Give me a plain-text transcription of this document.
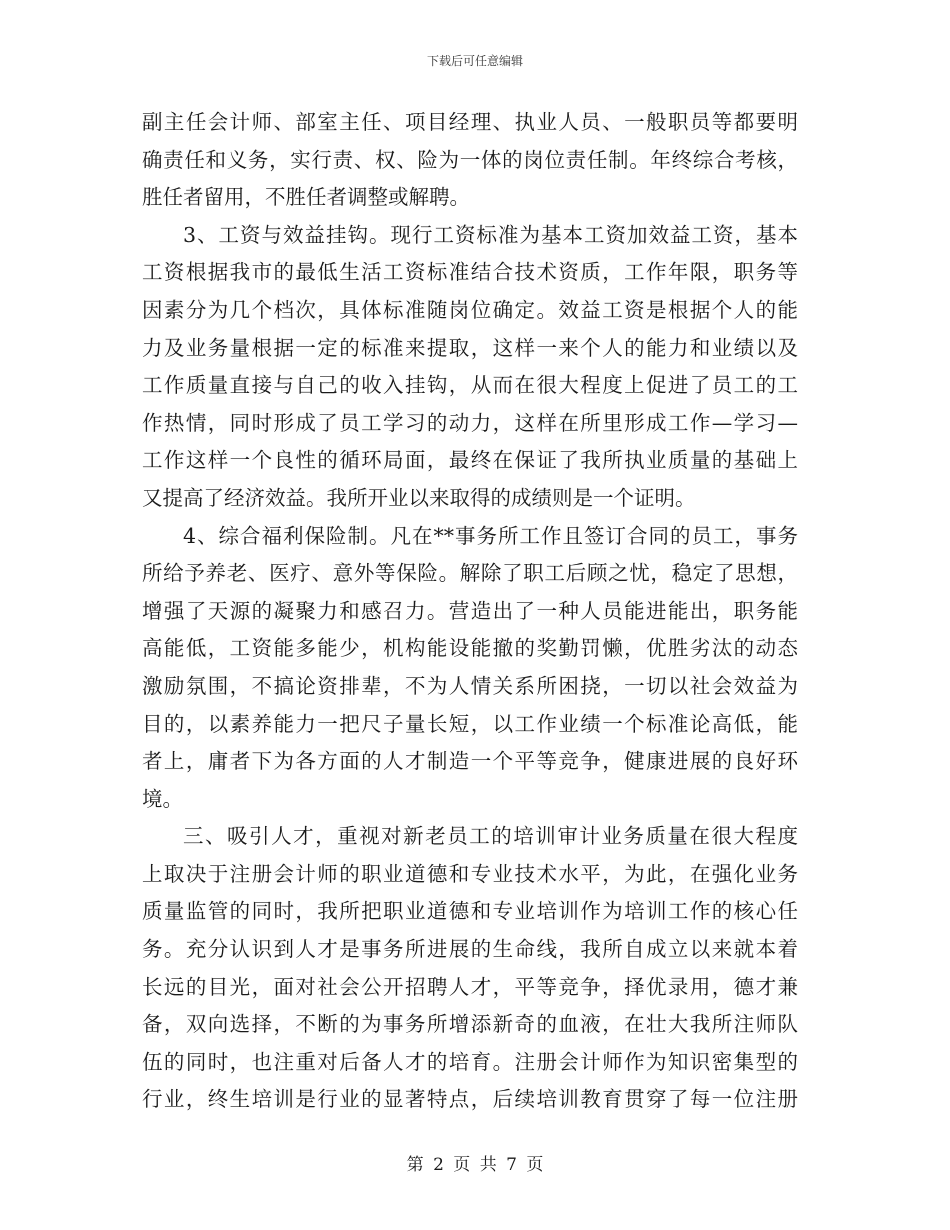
下载后可任意编辑
副主任会计师、部室主任、项目经理、执业人员、一般职员等都要明
确责任和义务，实行责、权、险为一体的岗位责任制。年终综合考核，
胜任者留用，不胜任者调整或解聘。
3、工资与效益挂钩。现行工资标准为基本工资加效益工资，基本
工资根据我市的最低生活工资标准结合技术资质，工作年限，职务等
因素分为几个档次，具体标准随岗位确定。效益工资是根据个人的能
力及业务量根据一定的标准来提取，这样一来个人的能力和业绩以及
工作质量直接与自己的收入挂钩，从而在很大程度上促进了员工的工
作热情，同时形成了员工学习的动力，这样在所里形成工作—学习—
工作这样一个良性的循环局面，最终在保证了我所执业质量的基础上
又提高了经济效益。我所开业以来取得的成绩则是一个证明。
4、综合福利保险制。凡在**事务所工作且签订合同的员工，事务
所给予养老、医疗、意外等保险。解除了职工后顾之忧，稳定了思想，
增强了天源的凝聚力和感召力。营造出了一种人员能进能出，职务能
高能低，工资能多能少，机构能设能撤的奖勤罚懒，优胜劣汰的动态
激励氛围，不搞论资排辈，不为人情关系所困挠，一切以社会效益为
目的，以素养能力一把尺子量长短，以工作业绩一个标准论高低，能
者上，庸者下为各方面的人才制造一个平等竞争，健康进展的良好环
境。
三、吸引人才，重视对新老员工的培训审计业务质量在很大程度
上取决于注册会计师的职业道德和专业技术水平，为此，在强化业务
质量监管的同时，我所把职业道德和专业培训作为培训工作的核心任
务。充分认识到人才是事务所进展的生命线，我所自成立以来就本着
长远的目光，面对社会公开招聘人才，平等竞争，择优录用，德才兼
备，双向选择，不断的为事务所增添新奇的血液，在壮大我所注师队
伍的同时，也注重对后备人才的培育。注册会计师作为知识密集型的
行业，终生培训是行业的显著特点，后续培训教育贯穿了每一位注册
第 2 页 共 7 页
